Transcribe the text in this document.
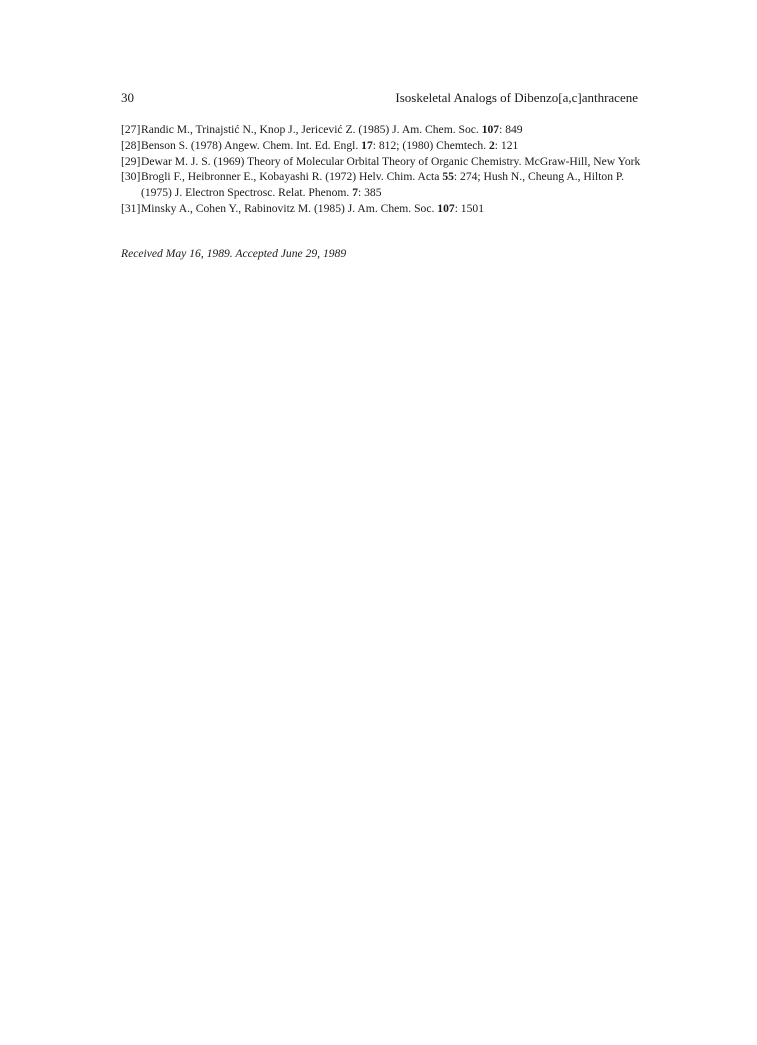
30	Isoskeletal Analogs of Dibenzo[a,c]anthracene
[27] Randic M., Trinajstić N., Knop J., Jericević Z. (1985) J. Am. Chem. Soc. 107: 849
[28] Benson S. (1978) Angew. Chem. Int. Ed. Engl. 17: 812; (1980) Chemtech. 2: 121
[29] Dewar M. J. S. (1969) Theory of Molecular Orbital Theory of Organic Chemistry. McGraw-Hill, New York
[30] Brogli F., Heibronner E., Kobayashi R. (1972) Helv. Chim. Acta 55: 274; Hush N., Cheung A., Hilton P. (1975) J. Electron Spectrosc. Relat. Phenom. 7: 385
[31] Minsky A., Cohen Y., Rabinovitz M. (1985) J. Am. Chem. Soc. 107: 1501
Received May 16, 1989. Accepted June 29, 1989
